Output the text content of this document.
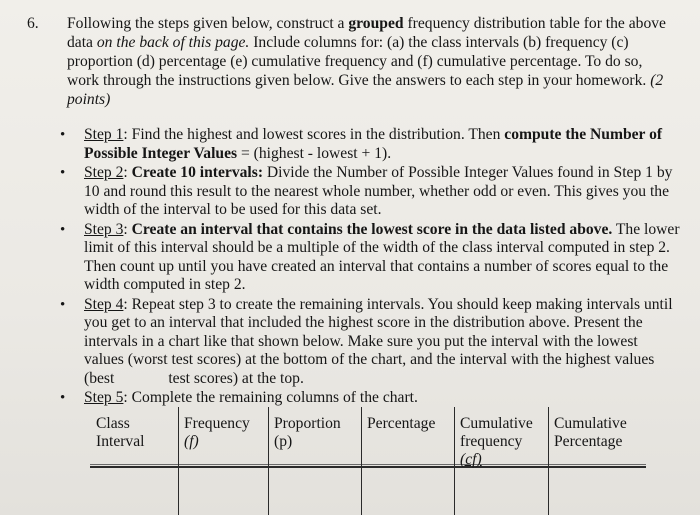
6. Following the steps given below, construct a grouped frequency distribution table for the above data on the back of this page. Include columns for: (a) the class intervals (b) frequency (c) proportion (d) percentage (e) cumulative frequency and (f) cumulative percentage. To do so, work through the instructions given below. Give the answers to each step in your homework. (2 points)
• Step 1: Find the highest and lowest scores in the distribution. Then compute the Number of Possible Integer Values = (highest - lowest + 1).
• Step 2: Create 10 intervals: Divide the Number of Possible Integer Values found in Step 1 by 10 and round this result to the nearest whole number, whether odd or even. This gives you the width of the interval to be used for this data set.
• Step 3: Create an interval that contains the lowest score in the data listed above. The lower limit of this interval should be a multiple of the width of the class interval computed in step 2. Then count up until you have created an interval that contains a number of scores equal to the width computed in step 2.
• Step 4: Repeat step 3 to create the remaining intervals. You should keep making intervals until you get to an interval that included the highest score in the distribution above. Present the intervals in a chart like that shown below. Make sure you put the interval with the lowest values (worst test scores) at the bottom of the chart, and the interval with the highest values (best	test scores) at the top.
• Step 5: Complete the remaining columns of the chart.
Class
Interval
Frequency
(f)
Proportion
(p)
Percentage Cumulative
frequency
(cf)
Cumulative
Percentage
